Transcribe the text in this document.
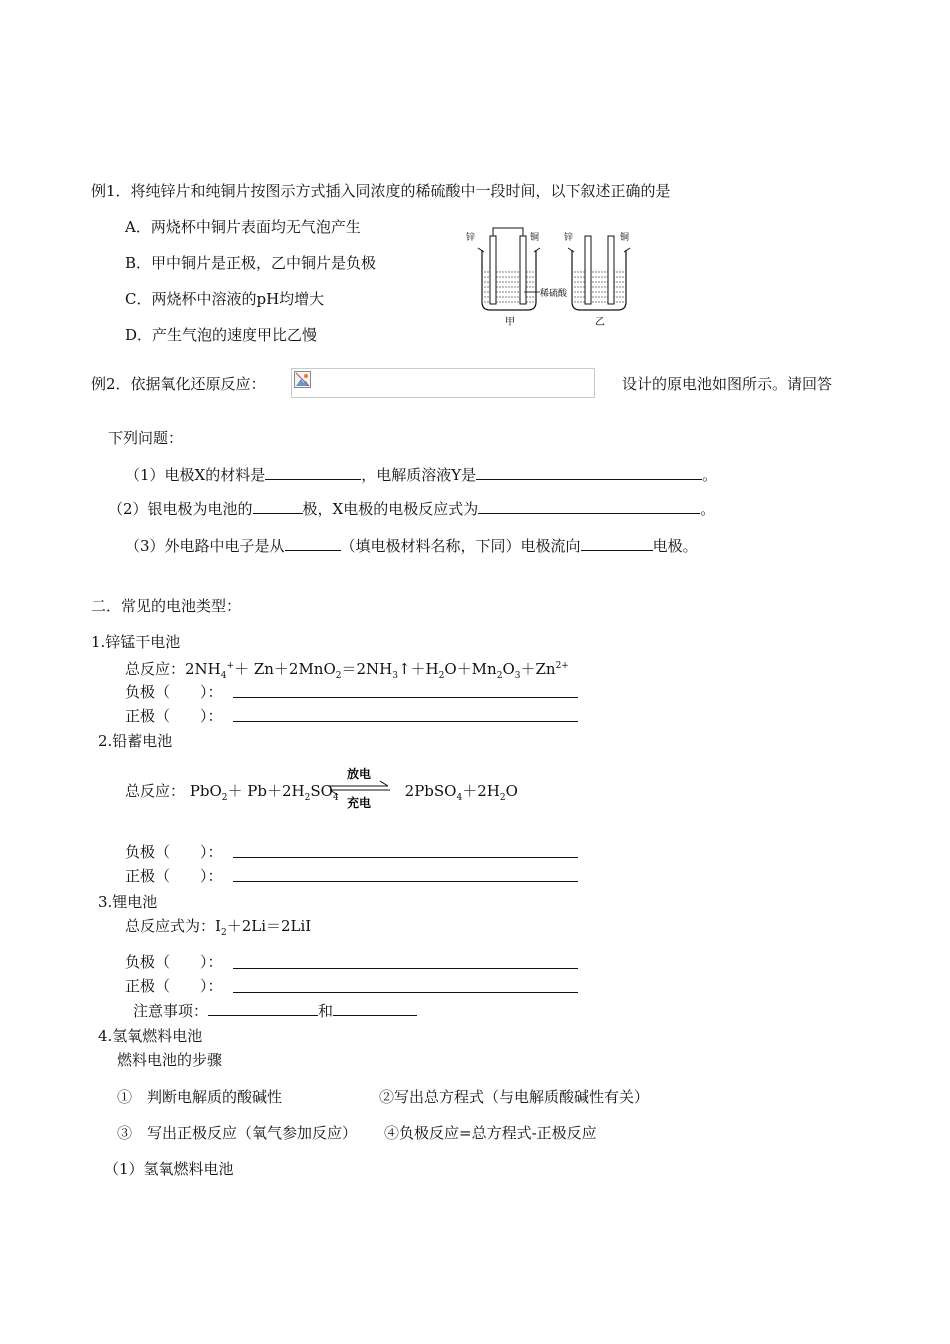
例1．将纯锌片和纯铜片按图示方式插入同浓度的稀硫酸中一段时间，以下叙述正确的是
A．两烧杯中铜片表面均无气泡产生
B．甲中铜片是正极，乙中铜片是负极
C．两烧杯中溶液的pH均增大
D．产生气泡的速度甲比乙慢
稀硫酸
锌	铜	锌	铜
甲	乙
例2．依据氧化还原反应：	设计的原电池如图所示。请回答
下列问题：
（1）电极X的材料是	，电解质溶液Y是	。
（2）银电极为电池的	极，X电极的电极反应式为	。
（3）外电路中电子是从	（填电极材料名称，下同）电极流向	电极。
二．常见的电池类型：
1.锌锰干电池
总反应：$2NH_4^++$ $Zn+2MnO_2=2NH_3↑+H_2O+Mn_2O_3+Zn^{2+}$
负极（　　）：
正极（　　）：
2.铅蓄电池
总反应： $PbO_2+ Pb+2H_2SO_4$	$2PbSO_4+2H_2O$
放电
充电
负极（　　）：
正极（　　）：
3.锂电池
总反应式为：$I_2+2Li=2LiI$
负极（　　）：
正极（　　）：
注意事项：	和
4.氢氧燃料电池
燃料电池的步骤
①　判断电解质的酸碱性	②写出总方程式（与电解质酸碱性有关）
③　写出正极反应（氧气参加反应） ④负极反应=总方程式-正极反应
（1）氢氧燃料电池
